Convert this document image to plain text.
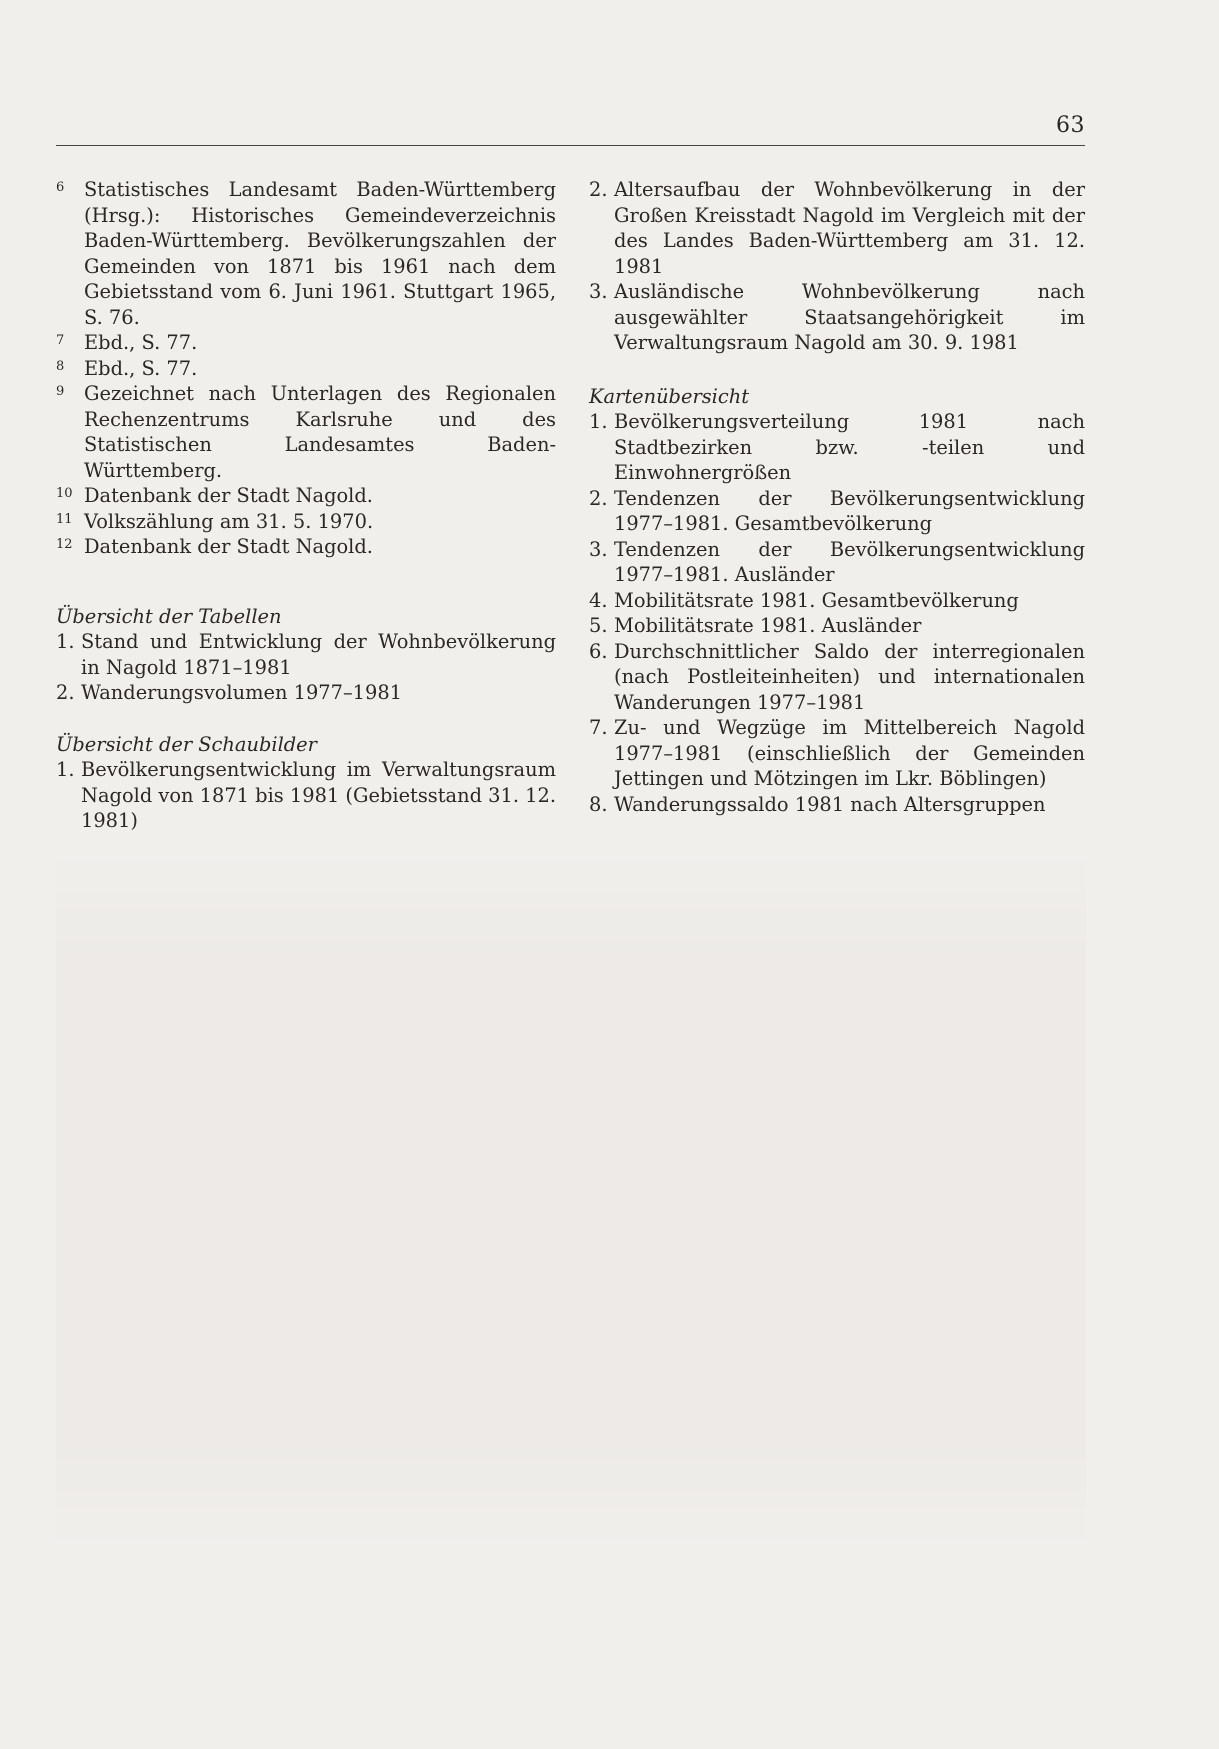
63
6	Statistisches Landesamt Baden-Württemberg (Hrsg.): Historisches Gemeindeverzeichnis Baden-Württemberg. Bevölkerungszahlen der Gemeinden von 1871 bis 1961 nach dem Gebietsstand vom 6. Juni 1961. Stuttgart 1965, S. 76.
7	Ebd., S. 77.
8	Ebd., S. 77.
9	Gezeichnet nach Unterlagen des Regionalen Rechenzentrums Karlsruhe und des Statistischen Landesamtes Baden-Württemberg.
10 Datenbank der Stadt Nagold.
11 Volkszählung am 31. 5. 1970.
12 Datenbank der Stadt Nagold.

Übersicht der Tabellen

1. Stand und Entwicklung der Wohnbevölkerung in Nagold 1871–1981
2. Wanderungsvolumen 1977–1981

Übersicht der Schaubilder

1. Bevölkerungsentwicklung im Verwaltungsraum Nagold von 1871 bis 1981 (Gebietsstand 31. 12. 1981)
2. Altersaufbau der Wohnbevölkerung in der Großen Kreisstadt Nagold im Vergleich mit der des Landes Baden-Württemberg am 31. 12. 1981
3. Ausländische Wohnbevölkerung nach ausgewählter Staatsangehörigkeit im Verwaltungsraum Nagold am 30. 9. 1981

Kartenübersicht

1. Bevölkerungsverteilung 1981 nach Stadtbezirken bzw. -teilen und Einwohnergrößen
2. Tendenzen der Bevölkerungsentwicklung 1977–1981. Gesamtbevölkerung
3. Tendenzen der Bevölkerungsentwicklung 1977–1981. Ausländer
4. Mobilitätsrate 1981. Gesamtbevölkerung
5. Mobilitätsrate 1981. Ausländer
6. Durchschnittlicher Saldo der interregionalen (nach Postleiteinheiten) und internationalen Wanderungen 1977–1981
7. Zu- und Wegzüge im Mittelbereich Nagold 1977–1981 (einschließlich der Gemeinden Jettingen und Mötzingen im Lkr. Böblingen)
8. Wanderungssaldo 1981 nach Altersgruppen
